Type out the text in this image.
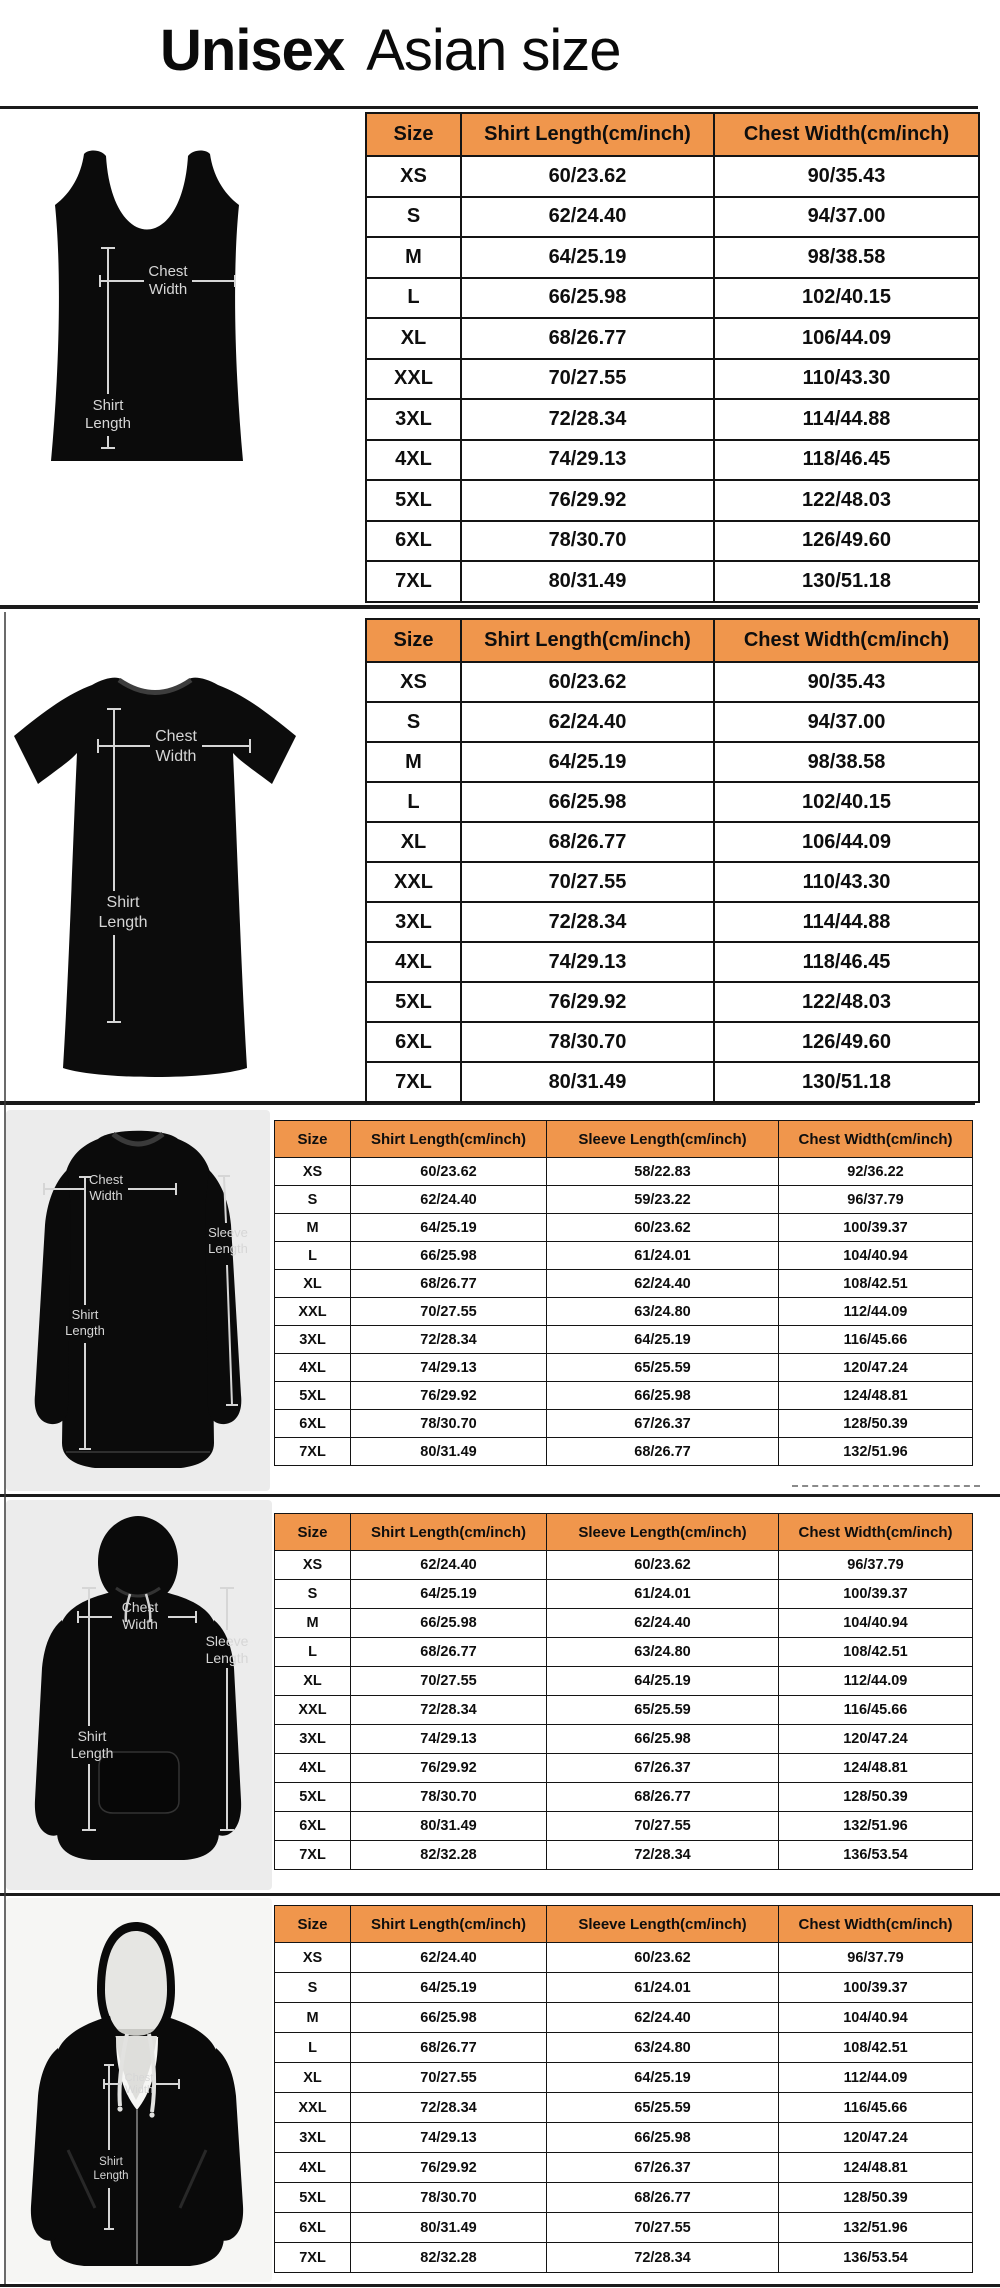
Unisex Asian size
Chest
Width
Shirt
Length
Chest
Width
Shirt
Length
Chest
Width
Sleeve
Length
Shirt
Length
Chest
Width
Sleeve
Length
Shirt
Length
Chest
Width
Shirt
Length
Size	Shirt Length(cm/inch)	Chest Width(cm/inch)
XS	60/23.62	90/35.43
S	62/24.40	94/37.00
M	64/25.19	98/38.58
L	66/25.98	102/40.15
XL	68/26.77	106/44.09
XXL	70/27.55	110/43.30
3XL	72/28.34	114/44.88
4XL	74/29.13	118/46.45
5XL	76/29.92	122/48.03
6XL	78/30.70	126/49.60
7XL	80/31.49	130/51.18
Size	Shirt Length(cm/inch)	Chest Width(cm/inch)
XS	60/23.62	90/35.43
S	62/24.40	94/37.00
M	64/25.19	98/38.58
L	66/25.98	102/40.15
XL	68/26.77	106/44.09
XXL	70/27.55	110/43.30
3XL	72/28.34	114/44.88
4XL	74/29.13	118/46.45
5XL	76/29.92	122/48.03
6XL	78/30.70	126/49.60
7XL	80/31.49	130/51.18
Size	Shirt Length(cm/inch)	Sleeve Length(cm/inch)	Chest Width(cm/inch)
XS	60/23.62	58/22.83	92/36.22
S	62/24.40	59/23.22	96/37.79
M	64/25.19	60/23.62	100/39.37
L	66/25.98	61/24.01	104/40.94
XL	68/26.77	62/24.40	108/42.51
XXL	70/27.55	63/24.80	112/44.09
3XL	72/28.34	64/25.19	116/45.66
4XL	74/29.13	65/25.59	120/47.24
5XL	76/29.92	66/25.98	124/48.81
6XL	78/30.70	67/26.37	128/50.39
7XL	80/31.49	68/26.77	132/51.96
Size	Shirt Length(cm/inch)	Sleeve Length(cm/inch)	Chest Width(cm/inch)
XS	62/24.40	60/23.62	96/37.79
S	64/25.19	61/24.01	100/39.37
M	66/25.98	62/24.40	104/40.94
L	68/26.77	63/24.80	108/42.51
XL	70/27.55	64/25.19	112/44.09
XXL	72/28.34	65/25.59	116/45.66
3XL	74/29.13	66/25.98	120/47.24
4XL	76/29.92	67/26.37	124/48.81
5XL	78/30.70	68/26.77	128/50.39
6XL	80/31.49	70/27.55	132/51.96
7XL	82/32.28	72/28.34	136/53.54
Size	Shirt Length(cm/inch)	Sleeve Length(cm/inch)	Chest Width(cm/inch)
XS	62/24.40	60/23.62	96/37.79
S	64/25.19	61/24.01	100/39.37
M	66/25.98	62/24.40	104/40.94
L	68/26.77	63/24.80	108/42.51
XL	70/27.55	64/25.19	112/44.09
XXL	72/28.34	65/25.59	116/45.66
3XL	74/29.13	66/25.98	120/47.24
4XL	76/29.92	67/26.37	124/48.81
5XL	78/30.70	68/26.77	128/50.39
6XL	80/31.49	70/27.55	132/51.96
7XL	82/32.28	72/28.34	136/53.54
